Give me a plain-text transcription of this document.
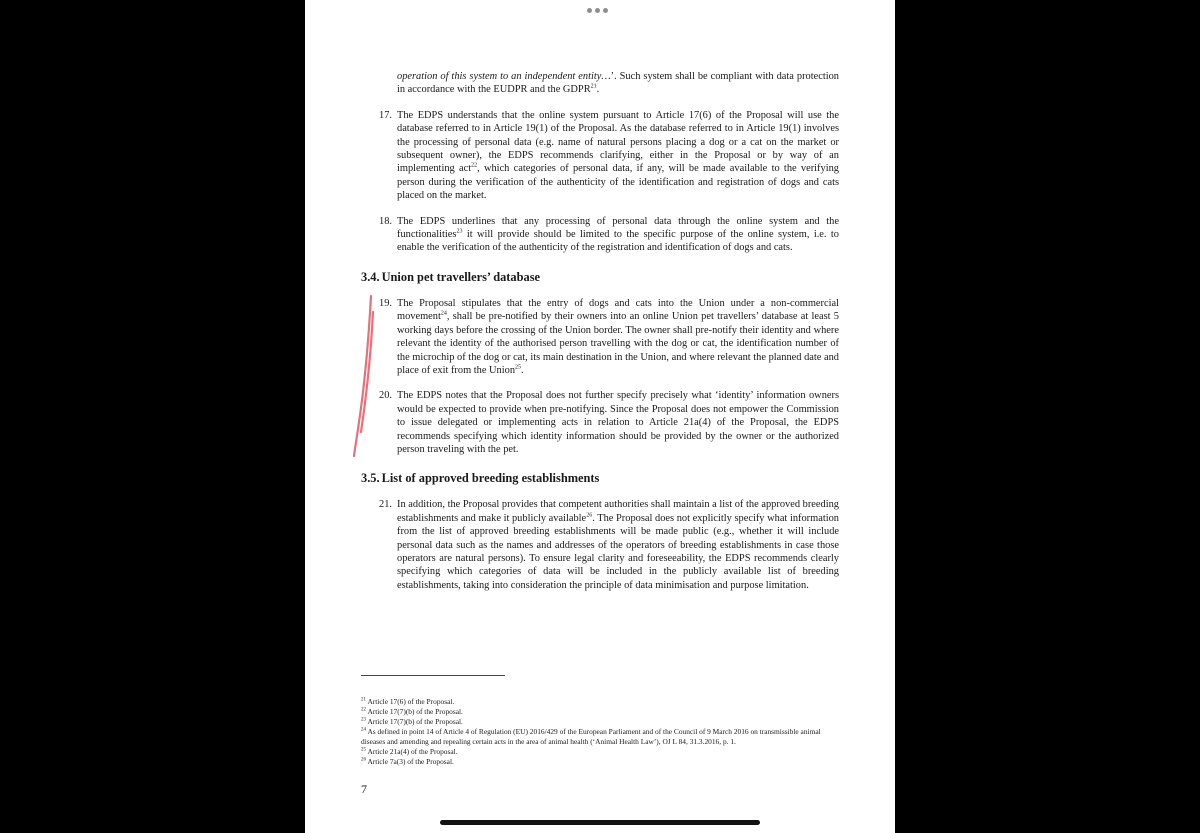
operation of this system to an independent entity…’. Such system shall be compliant with data protection in accordance with the EUDPR and the GDPR$^{21}$.

17. The EDPS understands that the online system pursuant to Article 17(6) of the Proposal will use the database referred to in Article 19(1) of the Proposal. As the database referred to in Article 19(1) involves the processing of personal data (e.g. name of natural persons placing a dog or a cat on the market or subsequent owner), the EDPS recommends clarifying, either in the Proposal or by way of an implementing act$^{22}$, which categories of personal data, if any, will be made available to the verifying person during the verification of the authenticity of the identification and registration of dogs and cats placed on the market.

18. The EDPS underlines that any processing of personal data through the online system and the functionalities$^{23}$ it will provide should be limited to the specific purpose of the online system, i.e. to enable the verification of the authenticity of the registration and identification of dogs and cats.

3.4. Union pet travellers’ database

19. The Proposal stipulates that the entry of dogs and cats into the Union under a non-commercial movement$^{24}$, shall be pre-notified by their owners into an online Union pet travellers’ database at least 5 working days before the crossing of the Union border. The owner shall pre-notify their identity and where relevant the identity of the authorised person travelling with the dog or cat, the identification number of the microchip of the dog or cat, its main destination in the Union, and where relevant the planned date and place of exit from the Union$^{25}$.

20. The EDPS notes that the Proposal does not further specify precisely what ‘identity’ information owners would be expected to provide when pre-notifying. Since the Proposal does not empower the Commission to issue delegated or implementing acts in relation to Article 21a(4) of the Proposal, the EDPS recommends specifying which identity information should be provided by the owner or the authorized person traveling with the pet.

3.5. List of approved breeding establishments

21. In addition, the Proposal provides that competent authorities shall maintain a list of the approved breeding establishments and make it publicly available$^{26}$. The Proposal does not explicitly specify what information from the list of approved breeding establishments will be made public (e.g., whether it will include personal data such as the names and addresses of the operators of breeding establishments in case those operators are natural persons). To ensure legal clarity and foreseeability, the EDPS recommends clearly specifying which categories of data will be included in the publicly available list of breeding establishments, taking into consideration the principle of data minimisation and purpose limitation.

$^{21}$ Article 17(6) of the Proposal.
$^{22}$ Article 17(7)(b) of the Proposal.
$^{23}$ Article 17(7)(b) of the Proposal.
$^{24}$ As defined in point 14 of Article 4 of Regulation (EU) 2016/429 of the European Parliament and of the Council of 9 March 2016 on transmissible animal diseases and amending and repealing certain acts in the area of animal health (‘Animal Health Law’), OJ L 84, 31.3.2016, p. 1.
$^{25}$ Article 21a(4) of the Proposal.
$^{26}$ Article 7a(3) of the Proposal.
7
